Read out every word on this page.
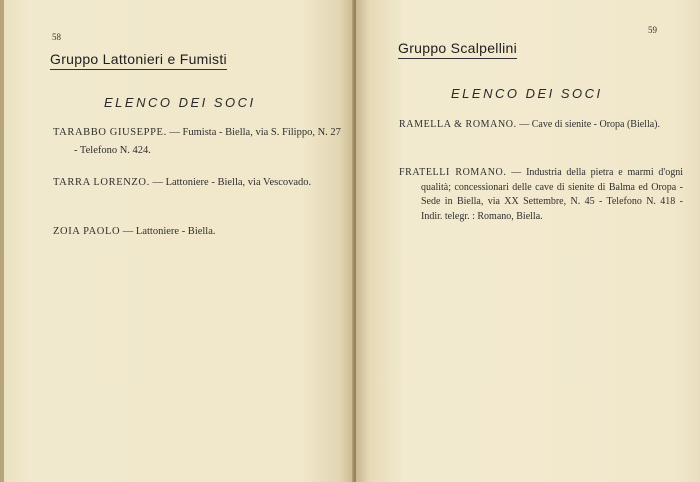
58
Gruppo Lattonieri e Fumisti
ELENCO DEI SOCI
TARABBO GIUSEPPE. — Fumista - Biella, via S. Filippo, N. 27 - Telefono N. 424.
TARRA LORENZO. — Lattoniere - Biella, via Vescovado.
ZOIA PAOLO — Lattoniere - Biella.
59
Gruppo Scalpellini
ELENCO DEI SOCI
RAMELLA & ROMANO. — Cave di sienite - Oropa (Biella).
FRATELLI ROMANO. — Industria della pietra e marmi d'ogni qualità; concessionari delle cave di sienite di Balma ed Oropa - Sede in Biella, via XX Settembre, N. 45 - Telefono N. 418 - Indir. telegr. : Romano, Biella.
